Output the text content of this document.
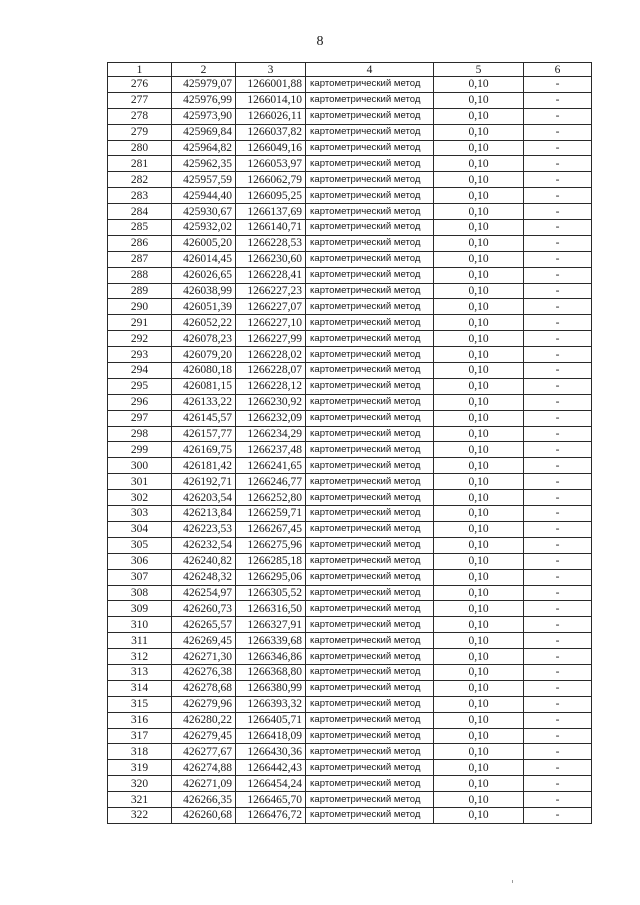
8
1	2	3	4	5	6
276	425979,07	1266001,88	картометрический метод	0,10	-
277	425976,99	1266014,10	картометрический метод	0,10	-
278	425973,90	1266026,11	картометрический метод	0,10	-
279	425969,84	1266037,82	картометрический метод	0,10	-
280	425964,82	1266049,16	картометрический метод	0,10	-
281	425962,35	1266053,97	картометрический метод	0,10	-
282	425957,59	1266062,79	картометрический метод	0,10	-
283	425944,40	1266095,25	картометрический метод	0,10	-
284	425930,67	1266137,69	картометрический метод	0,10	-
285	425932,02	1266140,71	картометрический метод	0,10	-
286	426005,20	1266228,53	картометрический метод	0,10	-
287	426014,45	1266230,60	картометрический метод	0,10	-
288	426026,65	1266228,41	картометрический метод	0,10	-
289	426038,99	1266227,23	картометрический метод	0,10	-
290	426051,39	1266227,07	картометрический метод	0,10	-
291	426052,22	1266227,10	картометрический метод	0,10	-
292	426078,23	1266227,99	картометрический метод	0,10	-
293	426079,20	1266228,02	картометрический метод	0,10	-
294	426080,18	1266228,07	картометрический метод	0,10	-
295	426081,15	1266228,12	картометрический метод	0,10	-
296	426133,22	1266230,92	картометрический метод	0,10	-
297	426145,57	1266232,09	картометрический метод	0,10	-
298	426157,77	1266234,29	картометрический метод	0,10	-
299	426169,75	1266237,48	картометрический метод	0,10	-
300	426181,42	1266241,65	картометрический метод	0,10	-
301	426192,71	1266246,77	картометрический метод	0,10	-
302	426203,54	1266252,80	картометрический метод	0,10	-
303	426213,84	1266259,71	картометрический метод	0,10	-
304	426223,53	1266267,45	картометрический метод	0,10	-
305	426232,54	1266275,96	картометрический метод	0,10	-
306	426240,82	1266285,18	картометрический метод	0,10	-
307	426248,32	1266295,06	картометрический метод	0,10	-
308	426254,97	1266305,52	картометрический метод	0,10	-
309	426260,73	1266316,50	картометрический метод	0,10	-
310	426265,57	1266327,91	картометрический метод	0,10	-
311	426269,45	1266339,68	картометрический метод	0,10	-
312	426271,30	1266346,86	картометрический метод	0,10	-
313	426276,38	1266368,80	картометрический метод	0,10	-
314	426278,68	1266380,99	картометрический метод	0,10	-
315	426279,96	1266393,32	картометрический метод	0,10	-
316	426280,22	1266405,71	картометрический метод	0,10	-
317	426279,45	1266418,09	картометрический метод	0,10	-
318	426277,67	1266430,36	картометрический метод	0,10	-
319	426274,88	1266442,43	картометрический метод	0,10	-
320	426271,09	1266454,24	картометрический метод	0,10	-
321	426266,35	1266465,70	картометрический метод	0,10	-
322	426260,68	1266476,72	картометрический метод	0,10	-
